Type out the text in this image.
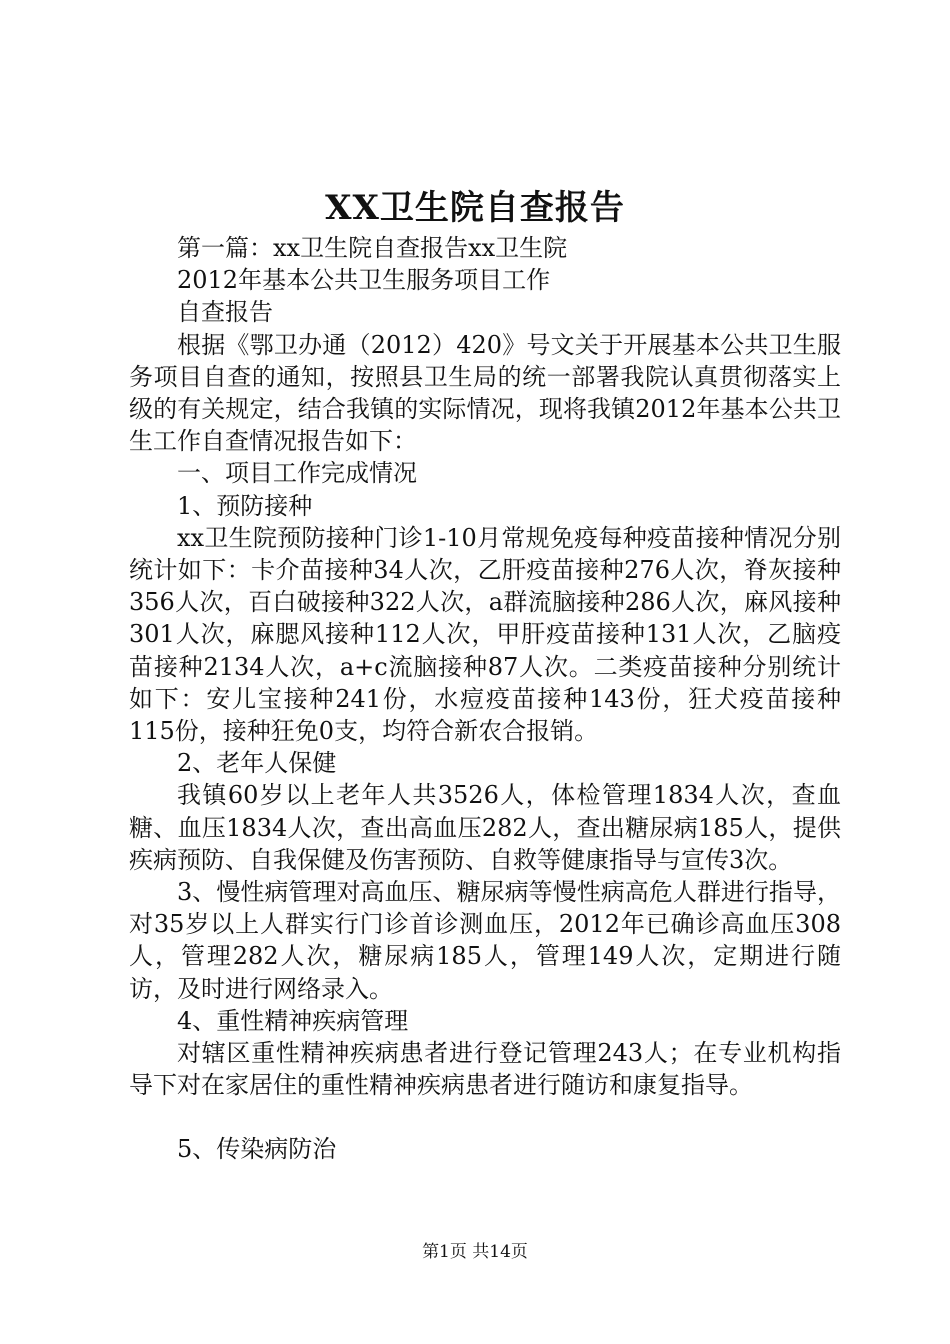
XX卫生院自查报告

第一篇：xx卫生院自查报告xx卫生院

2012年基本公共卫生服务项目工作

自查报告

根据《鄂卫办通（2012）420》号文关于开展基本公共卫生服务项目自查的通知，按照县卫生局的统一部署我院认真贯彻落实上级的有关规定，结合我镇的实际情况，现将我镇2012年基本公共卫生工作自查情况报告如下：

一、项目工作完成情况

1、预防接种

xx卫生院预防接种门诊1-10月常规免疫每种疫苗接种情况分别统计如下：卡介苗接种34人次，乙肝疫苗接种276人次，脊灰接种356人次，百白破接种322人次，a群流脑接种286人次，麻风接种301人次，麻腮风接种112人次，甲肝疫苗接种131人次，乙脑疫苗接种2134人次，a+c流脑接种87人次。二类疫苗接种分别统计如下：安儿宝接种241份，水痘疫苗接种143份，狂犬疫苗接种115份，接种狂免0支，均符合新农合报销。

2、老年人保健

我镇60岁以上老年人共3526人，体检管理1834人次，查血糖、血压1834人次，查出高血压282人，查出糖尿病185人，提供疾病预防、自我保健及伤害预防、自救等健康指导与宣传3次。

3、慢性病管理对高血压、糖尿病等慢性病高危人群进行指导，对35岁以上人群实行门诊首诊测血压，2012年已确诊高血压308人，管理282人次，糖尿病185人，管理149人次，定期进行随访，及时进行网络录入。

4、重性精神疾病管理

对辖区重性精神疾病患者进行登记管理243人；在专业机构指导下对在家居住的重性精神疾病患者进行随访和康复指导。

5、传染病防治

第1页 共14页
